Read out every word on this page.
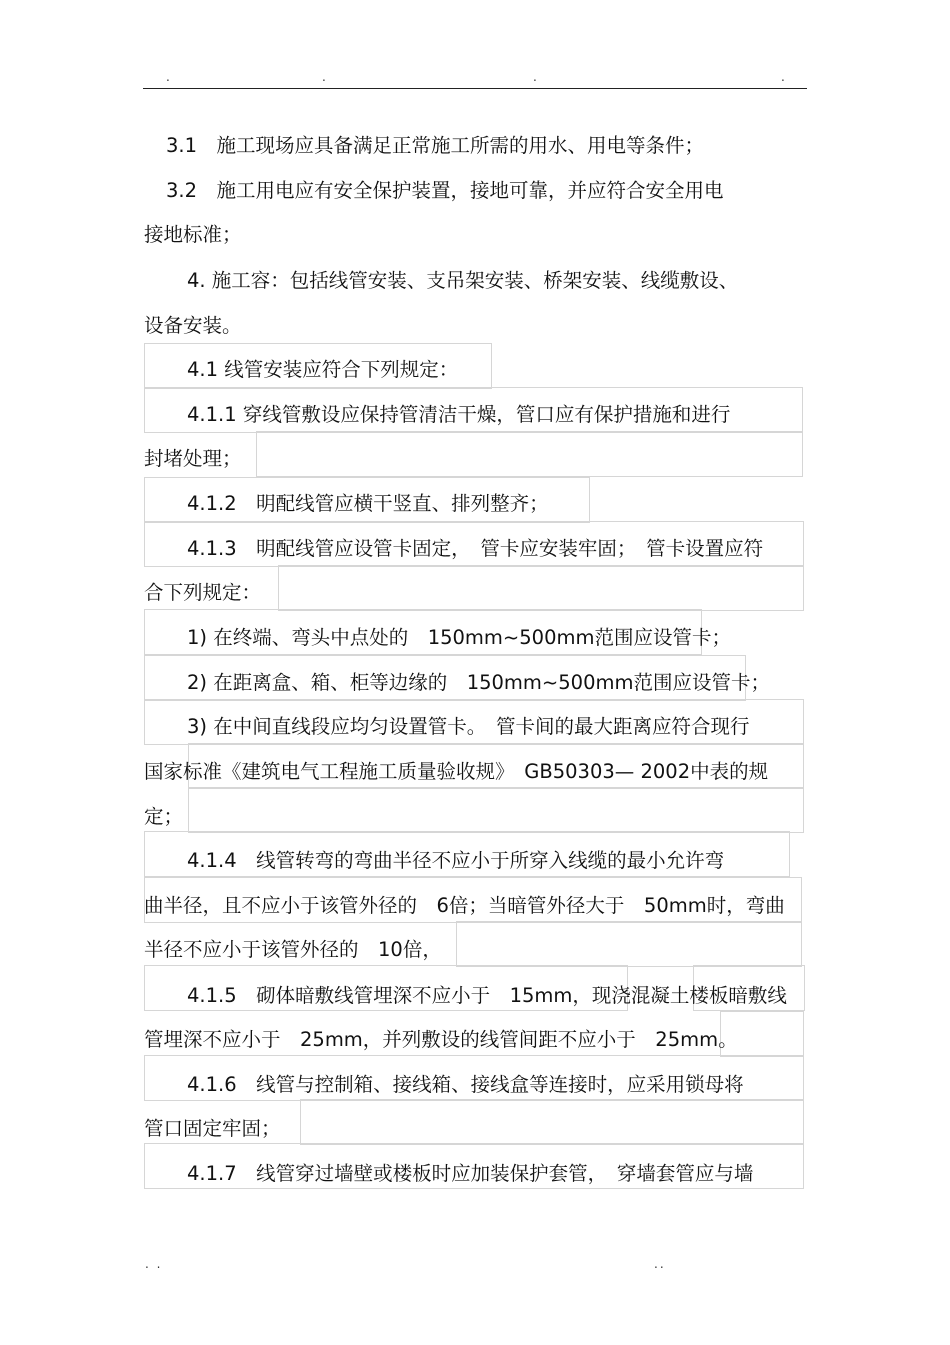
.	.	.	.
3.1　施工现场应具备满足正常施工所需的用水、用电等条件；
3.2　施工用电应有安全保护装置，接地可靠，并应符合安全用电
接地标准；
4. 施工容：包括线管安装、支吊架安装、桥架安装、线缆敷设、
设备安装。
4.1 线管安装应符合下列规定：
4.1.1 穿线管敷设应保持管清洁干燥，管口应有保护措施和进行
封堵处理；
4.1.2　明配线管应横干竖直、排列整齐；
4.1.3　明配线管应设管卡固定，　管卡应安装牢固；　管卡设置应符
合下列规定：
1) 在终端、弯头中点处的　150mm~500mm范围应设管卡；
2) 在距离盒、箱、柜等边缘的　150mm~500mm范围应设管卡；
3) 在中间直线段应均匀设置管卡。　管卡间的最大距离应符合现行
国家标准《建筑电气工程施工质量验收规》　GB50303— 2002中表的规
定；
4.1.4　线管转弯的弯曲半径不应小于所穿入线缆的最小允许弯
曲半径，且不应小于该管外径的　6倍；当暗管外径大于　50mm时，弯曲
半径不应小于该管外径的　10倍，
4.1.5　砌体暗敷线管埋深不应小于　15mm，现浇混凝土楼板暗敷线
管埋深不应小于　25mm，并列敷设的线管间距不应小于　25mm。
4.1.6　线管与控制箱、接线箱、接线盒等连接时，应采用锁母将
管口固定牢固；
4.1.7　线管穿过墙壁或楼板时应加装保护套管，　穿墙套管应与墙
. .	..
